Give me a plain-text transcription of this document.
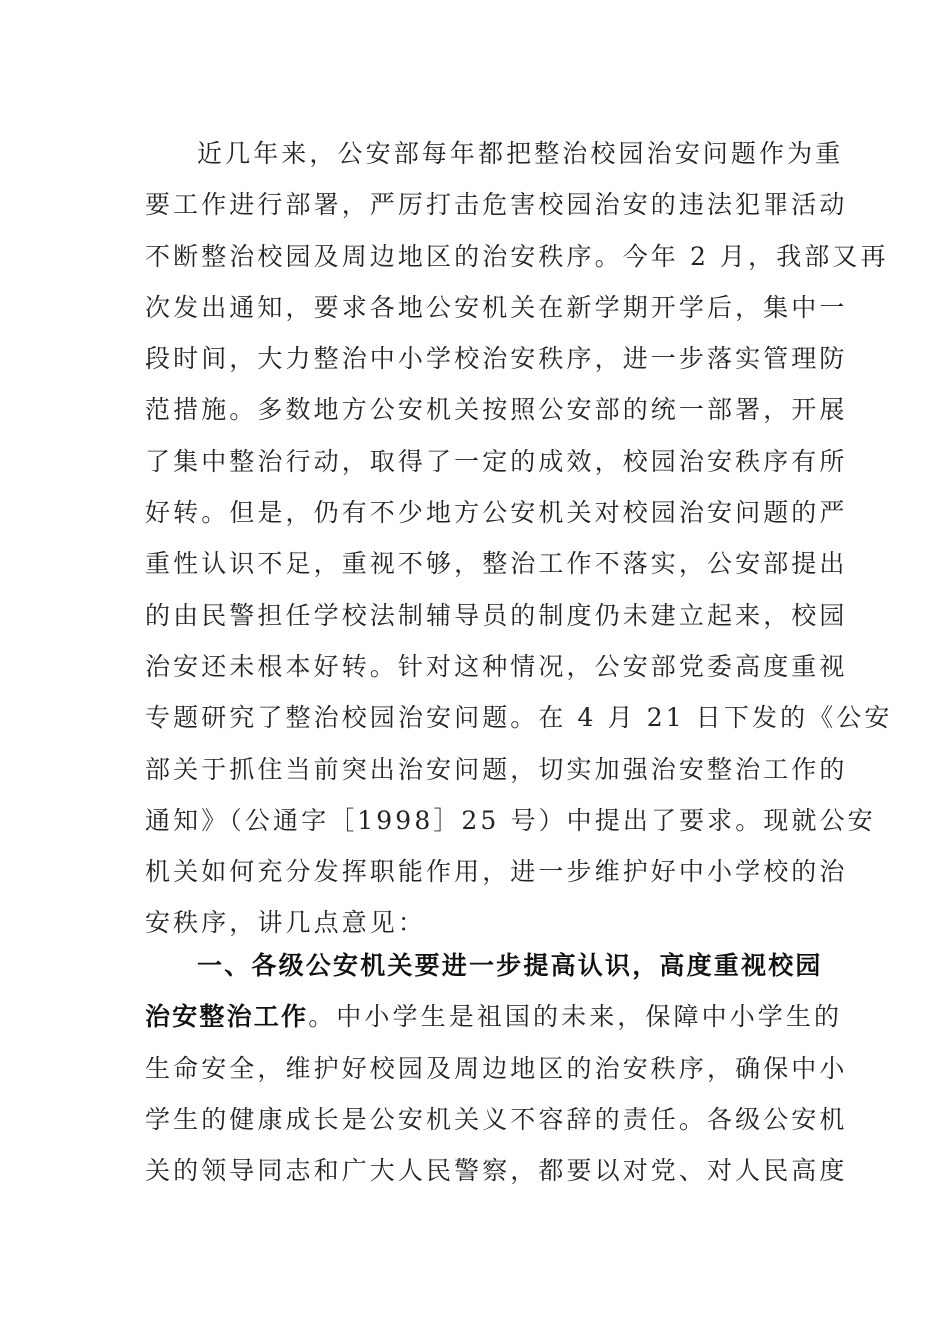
近几年来，公安部每年都把整治校园治安问题作为重
要工作进行部署，严厉打击危害校园治安的违法犯罪活动
不断整治校园及周边地区的治安秩序。今年 2 月，我部又再
次发出通知，要求各地公安机关在新学期开学后，集中一
段时间，大力整治中小学校治安秩序，进一步落实管理防
范措施。多数地方公安机关按照公安部的统一部署，开展
了集中整治行动，取得了一定的成效，校园治安秩序有所
好转。但是，仍有不少地方公安机关对校园治安问题的严
重性认识不足，重视不够，整治工作不落实，公安部提出
的由民警担任学校法制辅导员的制度仍未建立起来，校园
治安还未根本好转。针对这种情况，公安部党委高度重视
专题研究了整治校园治安问题。在 4 月 21 日下发的《公安
部关于抓住当前突出治安问题，切实加强治安整治工作的
通知》（公通字［1998］25 号）中提出了要求。现就公安
机关如何充分发挥职能作用，进一步维护好中小学校的治
安秩序，讲几点意见：
一、各级公安机关要进一步提高认识，高度重视校园
治安整治工作。中小学生是祖国的未来，保障中小学生的
生命安全，维护好校园及周边地区的治安秩序，确保中小
学生的健康成长是公安机关义不容辞的责任。各级公安机
关的领导同志和广大人民警察，都要以对党、对人民高度
